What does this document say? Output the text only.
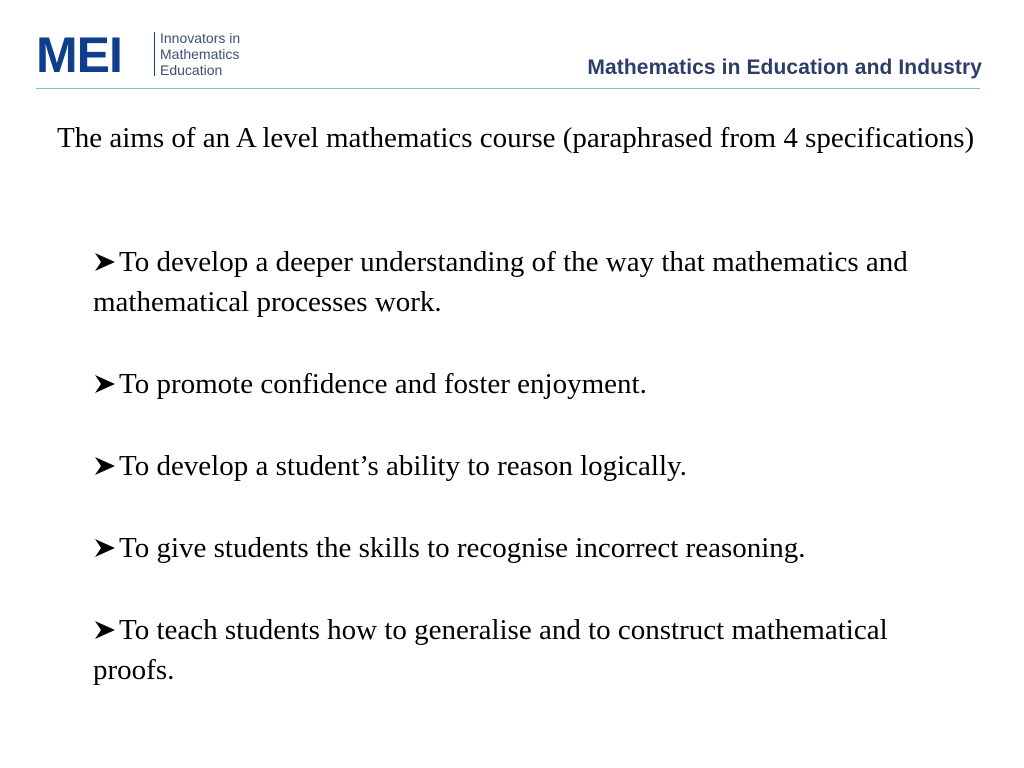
MEI	Innovators in
Mathematics
Education	Mathematics in Education and Industry
The aims of an A level mathematics course (paraphrased from 4 specifications)
To develop a deeper understanding of the way that mathematics and mathematical processes work.
To promote confidence and foster enjoyment.
To develop a student’s ability to reason logically.
To give students the skills to recognise incorrect reasoning.
To teach students how to generalise and to construct mathematical proofs.
